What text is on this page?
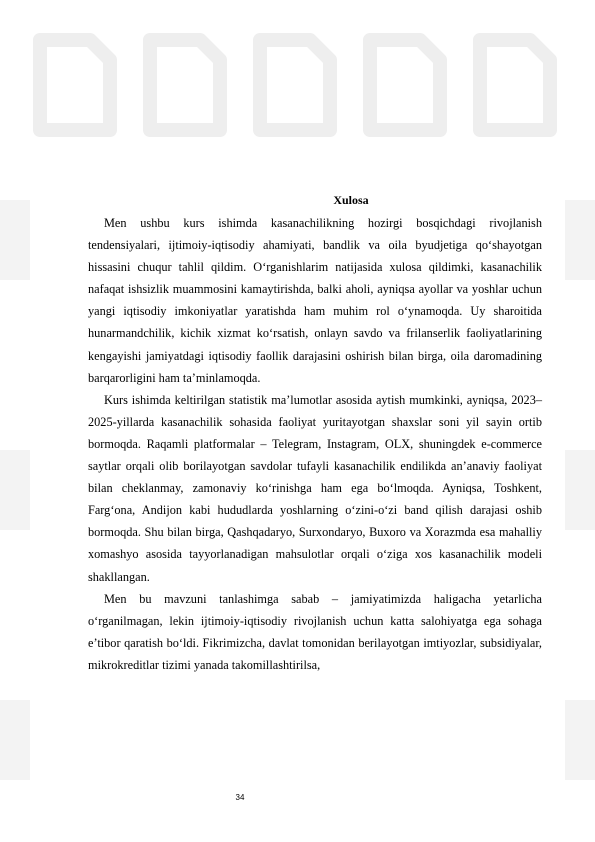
Xulosa

Men ushbu kurs ishimda kasanachilikning hozirgi bosqichdagi rivojlanish tendensiyalari, ijtimoiy-iqtisodiy ahamiyati, bandlik va oila byudjetiga qo‘shayotgan hissasini chuqur tahlil qildim. O‘rganishlarim natijasida xulosa qildimki, kasanachilik nafaqat ishsizlik muammosini kamaytirishda, balki aholi, ayniqsa ayollar va yoshlar uchun yangi iqtisodiy imkoniyatlar yaratishda ham muhim rol o‘ynamoqda. Uy sharoitida hunarmandchilik, kichik xizmat ko‘rsatish, onlayn savdo va frilanserlik faoliyatlarining kengayishi jamiyatdagi iqtisodiy faollik darajasini oshirish bilan birga, oila daromadining barqarorligini ham ta’minlamoqda.

Kurs ishimda keltirilgan statistik ma’lumotlar asosida aytish mumkinki, ayniqsa, 2023–2025-yillarda kasanachilik sohasida faoliyat yuritayotgan shaxslar soni yil sayin ortib bormoqda. Raqamli platformalar – Telegram, Instagram, OLX, shuningdek e-commerce saytlar orqali olib borilayotgan savdolar tufayli kasanachilik endilikda an’anaviy faoliyat bilan cheklanmay, zamonaviy ko‘rinishga ham ega bo‘lmoqda. Ayniqsa, Toshkent, Farg‘ona, Andijon kabi hududlarda yoshlarning o‘zini-o‘zi band qilish darajasi oshib bormoqda. Shu bilan birga, Qashqadaryo, Surxondaryo, Buxoro va Xorazmda esa mahalliy xomashyo asosida tayyorlanadigan mahsulotlar orqali o‘ziga xos kasanachilik modeli shakllangan.

Men bu mavzuni tanlashimga sabab – jamiyatimizda haligacha yetarlicha o‘rganilmagan, lekin ijtimoiy-iqtisodiy rivojlanish uchun katta salohiyatga ega sohaga e’tibor qaratish bo‘ldi. Fikrimizcha, davlat tomonidan berilayotgan imtiyozlar, subsidiyalar, mikrokreditlar tizimi yanada takomillashtirilsa,

34
